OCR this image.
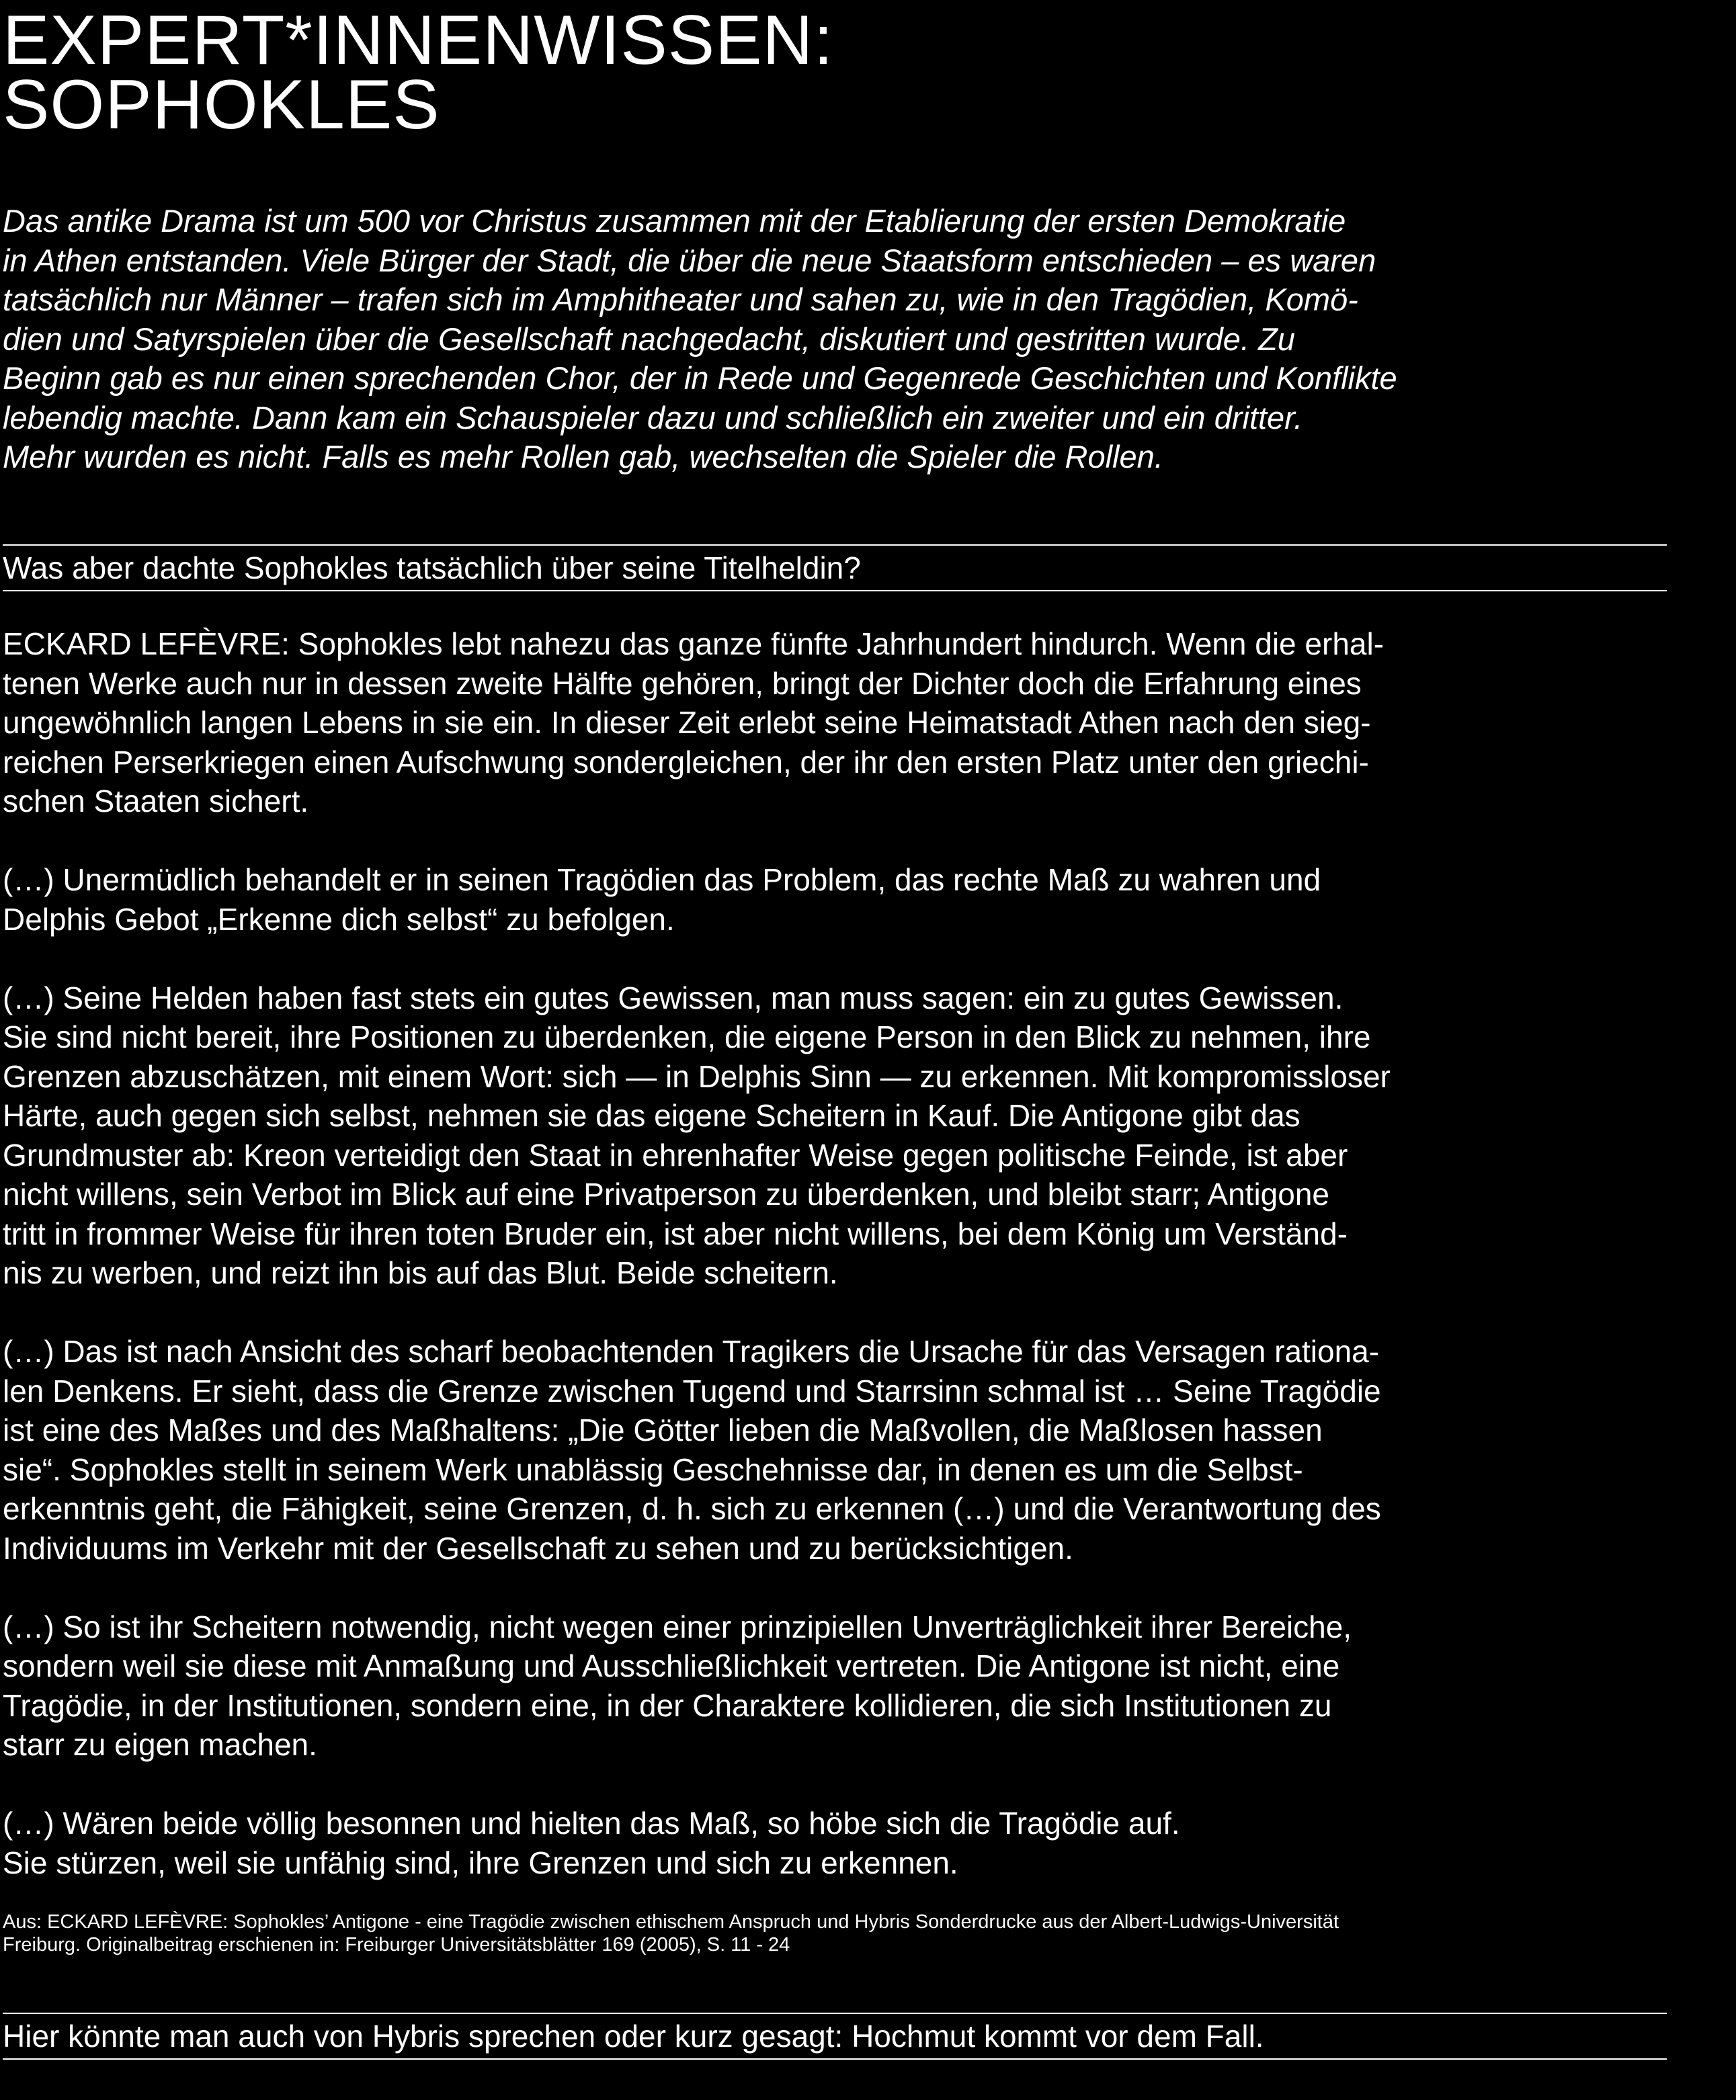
EXPERT*INNENWISSEN:
SOPHOKLES

Das antike Drama ist um 500 vor Christus zusammen mit der Etablierung der ersten Demokratie
in Athen entstanden. Viele Bürger der Stadt, die über die neue Staatsform entschieden – es waren
tatsächlich nur Männer – trafen sich im Amphitheater und sahen zu, wie in den Tragödien, Komö-
dien und Satyrspielen über die Gesellschaft nachgedacht, diskutiert und gestritten wurde. Zu
Beginn gab es nur einen sprechenden Chor, der in Rede und Gegenrede Geschichten und Konflikte
lebendig machte. Dann kam ein Schauspieler dazu und schließlich ein zweiter und ein dritter.
Mehr wurden es nicht. Falls es mehr Rollen gab, wechselten die Spieler die Rollen.

Was aber dachte Sophokles tatsächlich über seine Titelheldin?

ECKARD LEFÈVRE: Sophokles lebt nahezu das ganze fünfte Jahrhundert hindurch. Wenn die erhal-
tenen Werke auch nur in dessen zweite Hälfte gehören, bringt der Dichter doch die Erfahrung eines
ungewöhnlich langen Lebens in sie ein. In dieser Zeit erlebt seine Heimatstadt Athen nach den sieg-
reichen Perserkriegen einen Aufschwung sondergleichen, der ihr den ersten Platz unter den griechi-
schen Staaten sichert.

(…) Unermüdlich behandelt er in seinen Tragödien das Problem, das rechte Maß zu wahren und
Delphis Gebot „Erkenne dich selbst“ zu befolgen.

(…) Seine Helden haben fast stets ein gutes Gewissen, man muss sagen: ein zu gutes Gewissen.
Sie sind nicht bereit, ihre Positionen zu überdenken, die eigene Person in den Blick zu nehmen, ihre
Grenzen abzuschätzen, mit einem Wort: sich — in Delphis Sinn — zu erkennen. Mit kompromissloser
Härte, auch gegen sich selbst, nehmen sie das eigene Scheitern in Kauf. Die Antigone gibt das
Grundmuster ab: Kreon verteidigt den Staat in ehrenhafter Weise gegen politische Feinde, ist aber
nicht willens, sein Verbot im Blick auf eine Privatperson zu überdenken, und bleibt starr; Antigone
tritt in frommer Weise für ihren toten Bruder ein, ist aber nicht willens, bei dem König um Verständ-
nis zu werben, und reizt ihn bis auf das Blut. Beide scheitern.

(…) Das ist nach Ansicht des scharf beobachtenden Tragikers die Ursache für das Versagen rationa-
len Denkens. Er sieht, dass die Grenze zwischen Tugend und Starrsinn schmal ist … Seine Tragödie
ist eine des Maßes und des Maßhaltens: „Die Götter lieben die Maßvollen, die Maßlosen hassen
sie“. Sophokles stellt in seinem Werk unablässig Geschehnisse dar, in denen es um die Selbst-
erkenntnis geht, die Fähigkeit, seine Grenzen, d. h. sich zu erkennen (…) und die Verantwortung des
Individuums im Verkehr mit der Gesellschaft zu sehen und zu berücksichtigen.

(…) So ist ihr Scheitern notwendig, nicht wegen einer prinzipiellen Unverträglichkeit ihrer Bereiche,
sondern weil sie diese mit Anmaßung und Ausschließlichkeit vertreten. Die Antigone ist nicht, eine
Tragödie, in der Institutionen, sondern eine, in der Charaktere kollidieren, die sich Institutionen zu
starr zu eigen machen.

(…) Wären beide völlig besonnen und hielten das Maß, so höbe sich die Tragödie auf.
Sie stürzen, weil sie unfähig sind, ihre Grenzen und sich zu erkennen.

Aus: ECKARD LEFÈVRE: Sophokles’ Antigone - eine Tragödie zwischen ethischem Anspruch und Hybris Sonderdrucke aus der Albert-Ludwigs-Universität
Freiburg. Originalbeitrag erschienen in: Freiburger Universitätsblätter 169 (2005), S. 11 - 24
Hier könnte man auch von Hybris sprechen oder kurz gesagt: Hochmut kommt vor dem Fall.
